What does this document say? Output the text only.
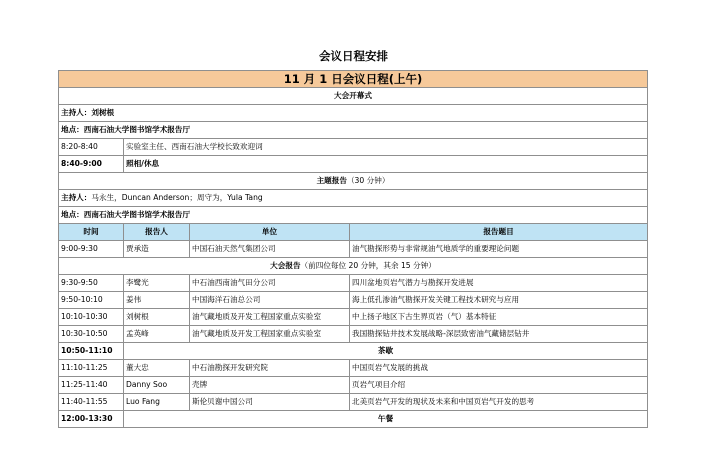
会议日程安排
11 月 1 日会议日程(上午)			
大会开幕式			
主持人：刘树根			
地点：西南石油大学图书馆学术报告厅			
8:20-8:40	实验室主任、西南石油大学校长致欢迎词		
8:40-9:00	照相/休息		
主题报告（30 分钟）			
主持人：马永生，Duncan Anderson；周守为，Yula Tang			
地点：西南石油大学图书馆学术报告厅			
时间	报告人	单位	报告题目
9:00-9:30	贾承造	中国石油天然气集团公司	油气勘探形势与非常规油气地质学的重要理论问题
大会报告（前四位每位 20 分钟，其余 15 分钟）			
9:30-9:50	李鹭光	中石油西南油气田分公司	四川盆地页岩气潜力与勘探开发进展
9:50-10:10	姜伟	中国海洋石油总公司	海上低孔渗油气勘探开发关键工程技术研究与应用
10:10-10:30	刘树根	油气藏地质及开发工程国家重点实验室	中上扬子地区下古生界页岩（气）基本特征
10:30-10:50	孟英峰	油气藏地质及开发工程国家重点实验室	我国勘探钻井技术发展战略-深层致密油气藏储层钻井
10:50-11:10	茶歇		
11:10-11:25	董大忠	中石油勘探开发研究院	中国页岩气发展的挑战
11:25-11:40	Danny Soo	壳牌	页岩气项目介绍
11:40-11:55	Luo Fang	斯伦贝谢中国公司	北美页岩气开发的现状及未来和中国页岩气开发的思考
12:00-13:30	午餐		
